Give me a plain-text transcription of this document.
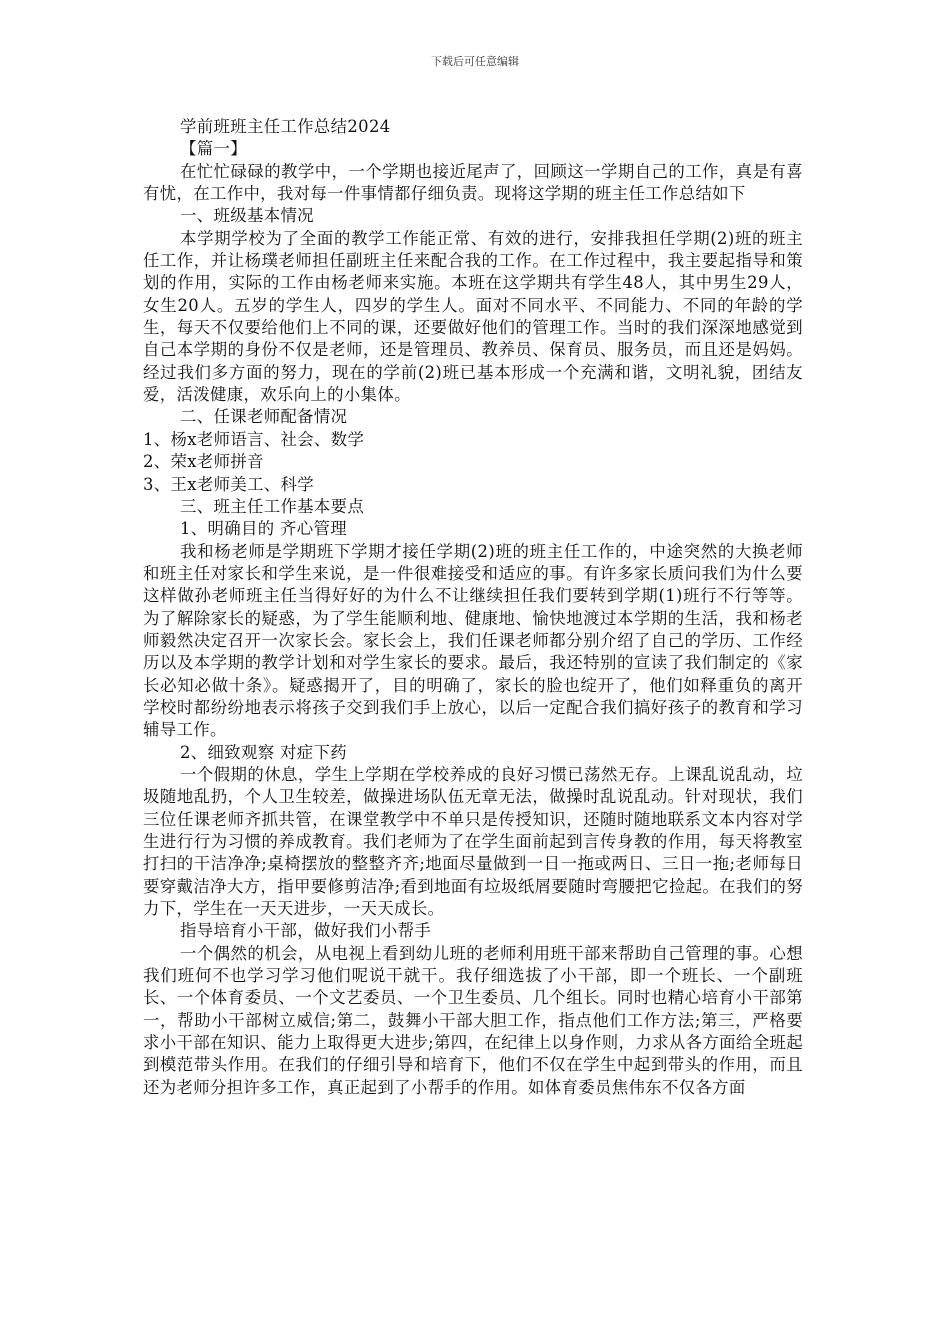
下载后可任意编辑

学前班班主任工作总结2024

【篇一】

在忙忙碌碌的教学中，一个学期也接近尾声了，回顾这一学期自己的工作，真是有喜有忧，在工作中，我对每一件事情都仔细负责。现将这学期的班主任工作总结如下

一、班级基本情况

本学期学校为了全面的教学工作能正常、有效的进行，安排我担任学期(2)班的班主任工作，并让杨璞老师担任副班主任来配合我的工作。在工作过程中，我主要起指导和策划的作用，实际的工作由杨老师来实施。本班在这学期共有学生48人，其中男生29人，女生20人。五岁的学生人，四岁的学生人。面对不同水平、不同能力、不同的年龄的学生，每天不仅要给他们上不同的课，还要做好他们的管理工作。当时的我们深深地感觉到自己本学期的身份不仅是老师，还是管理员、教养员、保育员、服务员，而且还是妈妈。经过我们多方面的努力，现在的学前(2)班已基本形成一个充满和谐，文明礼貌，团结友爱，活泼健康，欢乐向上的小集体。

二、任课老师配备情况

1、杨x老师语言、社会、数学

2、荣x老师拼音

3、王x老师美工、科学

三、班主任工作基本要点

1、明确目的 齐心管理

我和杨老师是学期班下学期才接任学期(2)班的班主任工作的，中途突然的大换老师和班主任对家长和学生来说，是一件很难接受和适应的事。有许多家长质问我们为什么要这样做孙老师班主任当得好好的为什么不让继续担任我们要转到学期(1)班行不行等等。为了解除家长的疑惑，为了学生能顺利地、健康地、愉快地渡过本学期的生活，我和杨老师毅然决定召开一次家长会。家长会上，我们任课老师都分别介绍了自己的学历、工作经历以及本学期的教学计划和对学生家长的要求。最后，我还特别的宣读了我们制定的《家长必知必做十条》。疑惑揭开了，目的明确了，家长的脸也绽开了，他们如释重负的离开学校时都纷纷地表示将孩子交到我们手上放心，以后一定配合我们搞好孩子的教育和学习辅导工作。

2、细致观察 对症下药

一个假期的休息，学生上学期在学校养成的良好习惯已荡然无存。上课乱说乱动，垃圾随地乱扔，个人卫生较差，做操进场队伍无章无法，做操时乱说乱动。针对现状，我们三位任课老师齐抓共管，在课堂教学中不单只是传授知识，还随时随地联系文本内容对学生进行行为习惯的养成教育。我们老师为了在学生面前起到言传身教的作用，每天将教室打扫的干洁净净;桌椅摆放的整整齐齐;地面尽量做到一日一拖或两日、三日一拖;老师每日要穿戴洁净大方，指甲要修剪洁净;看到地面有垃圾纸屑要随时弯腰把它捡起。在我们的努力下，学生在一天天进步，一天天成长。

指导培育小干部，做好我们小帮手

一个偶然的机会，从电视上看到幼儿班的老师利用班干部来帮助自己管理的事。心想我们班何不也学习学习他们呢说干就干。我仔细选拔了小干部，即一个班长、一个副班长、一个体育委员、一个文艺委员、一个卫生委员、几个组长。同时也精心培育小干部第一，帮助小干部树立威信;第二，鼓舞小干部大胆工作，指点他们工作方法;第三，严格要求小干部在知识、能力上取得更大进步;第四，在纪律上以身作则，力求从各方面给全班起到模范带头作用。在我们的仔细引导和培育下，他们不仅在学生中起到带头的作用，而且还为老师分担许多工作，真正起到了小帮手的作用。如体育委员焦伟东不仅各方面
